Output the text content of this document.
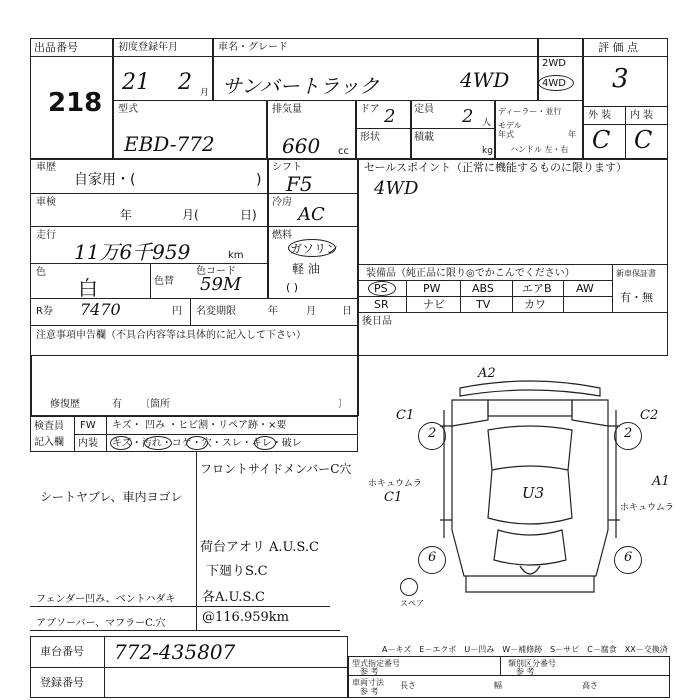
出品番号
218
初度登録年月
21 2 月
車名・グレード
サンバートラック	4WD
2WD
4WD
評 価 点
3
型式
EBD-772
排気量
660 cc
ドア 2 定員 2 人
形状	積載
kg
ディーラー・並行
モデル
年式	年
ハンドル 左・右
外 装 内 装
C C
車歴
自家用・(	)
シフト
F5
車検
年	月(	日)
冷房
AC
走行
11万6千959	km
燃料
ガソリン
軽 油
( )
色
白	色替
色コード
59M
R券 7470	円 名変期限	年	月	日
注意事項申告欄（不具合内容等は具体的に記入して下さい）
セールスポイント（正常に機能するものに限ります）
4WD
装備品（純正品に限り◎でかこんでください）	新車保証書
有・無
PS	PW	ABS	エアB AW
SR	ナビ	TV	カワ
後日品
修復歴	有 〔箇所	〕
検査員
記入欄
FW キズ・ 凹み ・ヒビ割・リペア跡・×要
内装 キズ・汚れ・コゲ・穴・スレ・キレ・破レ
フロントサイドメンバーC穴
シートヤブレ、車内ヨゴレ
荷台アオリ A.U.S.C
下廻りS.C
フェンダー凹み、ベントハダキ 各A.U.S.C
アブソーバー、マフラーC.穴	@116.959km
車台番号 772-435807
登録番号
A－キズ　E－エクボ　U－凹み　W－補修跡　S－サビ　C－腐食　XX－交換済
型式指定番号
参 考
類別区分番号
参 考
車両寸法
参 考
長さ	幅	高さ
2	2
6	6
スペア
A2
C1	C2
ホキュウムラ
C1
A1
ホキュウムラ
U3
